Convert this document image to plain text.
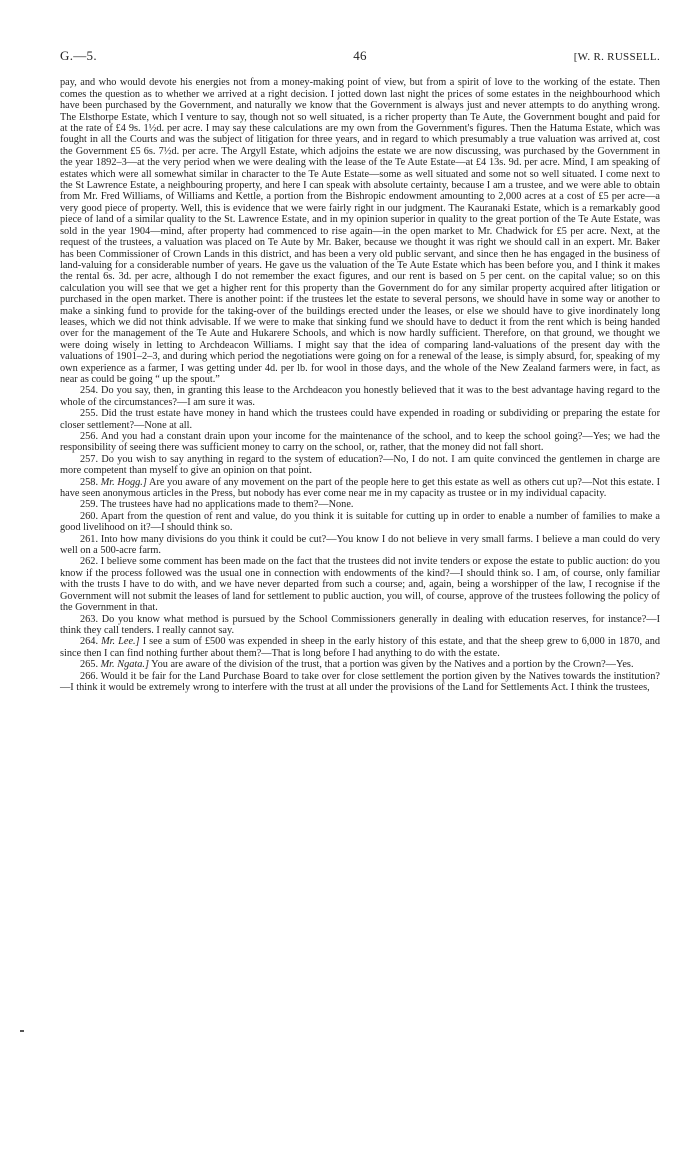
G.—5.	46	[W. R. RUSSELL.

pay, and who would devote his energies not from a money-making point of view, but from a spirit of love to the working of the estate. Then comes the question as to whether we arrived at a right decision. I jotted down last night the prices of some estates in the neighbourhood which have been purchased by the Government, and naturally we know that the Government is always just and never attempts to do anything wrong. The Elsthorpe Estate, which I venture to say, though not so well situated, is a richer property than Te Aute, the Government bought and paid for at the rate of £4 9s. 1½d. per acre. I may say these calculations are my own from the Government's figures. Then the Hatuma Estate, which was fought in all the Courts and was the subject of litigation for three years, and in regard to which presumably a true valuation was arrived at, cost the Government £5 6s. 7½d. per acre. The Argyll Estate, which adjoins the estate we are now discussing, was purchased by the Government in the year 1892–3—at the very period when we were dealing with the lease of the Te Aute Estate—at £4 13s. 9d. per acre. Mind, I am speaking of estates which were all somewhat similar in character to the Te Aute Estate—some as well situated and some not so well situated. I come next to the St Lawrence Estate, a neighbouring property, and here I can speak with absolute certainty, because I am a trustee, and we were able to obtain from Mr. Fred Williams, of Williams and Kettle, a portion from the Bishropic endowment amounting to 2,000 acres at a cost of £5 per acre—a very good piece of property. Well, this is evidence that we were fairly right in our judgment. The Kauranaki Estate, which is a remarkably good piece of land of a similar quality to the St. Lawrence Estate, and in my opinion superior in quality to the great portion of the Te Aute Estate, was sold in the year 1904—mind, after property had commenced to rise again—in the open market to Mr. Chadwick for £5 per acre. Next, at the request of the trustees, a valuation was placed on Te Aute by Mr. Baker, because we thought it was right we should call in an expert. Mr. Baker has been Commissioner of Crown Lands in this district, and has been a very old public servant, and since then he has engaged in the business of land-valuing for a considerable number of years. He gave us the valuation of the Te Aute Estate which has been before you, and I think it makes the rental 6s. 3d. per acre, although I do not remember the exact figures, and our rent is based on 5 per cent. on the capital value; so on this calculation you will see that we get a higher rent for this property than the Government do for any similar property acquired after litigation or purchased in the open market. There is another point: if the trustees let the estate to several persons, we should have in some way or another to make a sinking fund to provide for the taking-over of the buildings erected under the leases, or else we should have to give inordinately long leases, which we did not think advisable. If we were to make that sinking fund we should have to deduct it from the rent which is being handed over for the management of the Te Aute and Hukarere Schools, and which is now hardly sufficient. Therefore, on that ground, we thought we were doing wisely in letting to Archdeacon Williams. I might say that the idea of comparing land-valuations of the present day with the valuations of 1901–2–3, and during which period the negotiations were going on for a renewal of the lease, is simply absurd, for, speaking of my own experience as a farmer, I was getting under 4d. per lb. for wool in those days, and the whole of the New Zealand farmers were, in fact, as near as could be going “ up the spout.”

254. Do you say, then, in granting this lease to the Archdeacon you honestly believed that it was to the best advantage having regard to the whole of the circumstances?—I am sure it was.

255. Did the trust estate have money in hand which the trustees could have expended in roading or subdividing or preparing the estate for closer settlement?—None at all.

256. And you had a constant drain upon your income for the maintenance of the school, and to keep the school going?—Yes; we had the responsibility of seeing there was sufficient money to carry on the school, or, rather, that the money did not fall short.

257. Do you wish to say anything in regard to the system of education?—No, I do not. I am quite convinced the gentlemen in charge are more competent than myself to give an opinion on that point.

258. Mr. Hogg.] Are you aware of any movement on the part of the people here to get this estate as well as others cut up?—Not this estate. I have seen anonymous articles in the Press, but nobody has ever come near me in my capacity as trustee or in my individual capacity.

259. The trustees have had no applications made to them?—None.

260. Apart from the question of rent and value, do you think it is suitable for cutting up in order to enable a number of families to make a good livelihood on it?—I should think so.

261. Into how many divisions do you think it could be cut?—You know I do not believe in very small farms. I believe a man could do very well on a 500-acre farm.

262. I believe some comment has been made on the fact that the trustees did not invite tenders or expose the estate to public auction: do you know if the process followed was the usual one in connection with endowments of the kind?—I should think so. I am, of course, only familiar with the trusts I have to do with, and we have never departed from such a course; and, again, being a worshipper of the law, I recognise if the Government will not submit the leases of land for settlement to public auction, you will, of course, approve of the trustees following the policy of the Government in that.

263. Do you know what method is pursued by the School Commissioners generally in dealing with education reserves, for instance?—I think they call tenders. I really cannot say.

264. Mr. Lee.] I see a sum of £500 was expended in sheep in the early history of this estate, and that the sheep grew to 6,000 in 1870, and since then I can find nothing further about them?—That is long before I had anything to do with the estate.

265. Mr. Ngata.] You are aware of the division of the trust, that a portion was given by the Natives and a portion by the Crown?—Yes.

266. Would it be fair for the Land Purchase Board to take over for close settlement the portion given by the Natives towards the institution?—I think it would be extremely wrong to interfere with the trust at all under the provisions of the Land for Settlements Act. I think the trustees,
